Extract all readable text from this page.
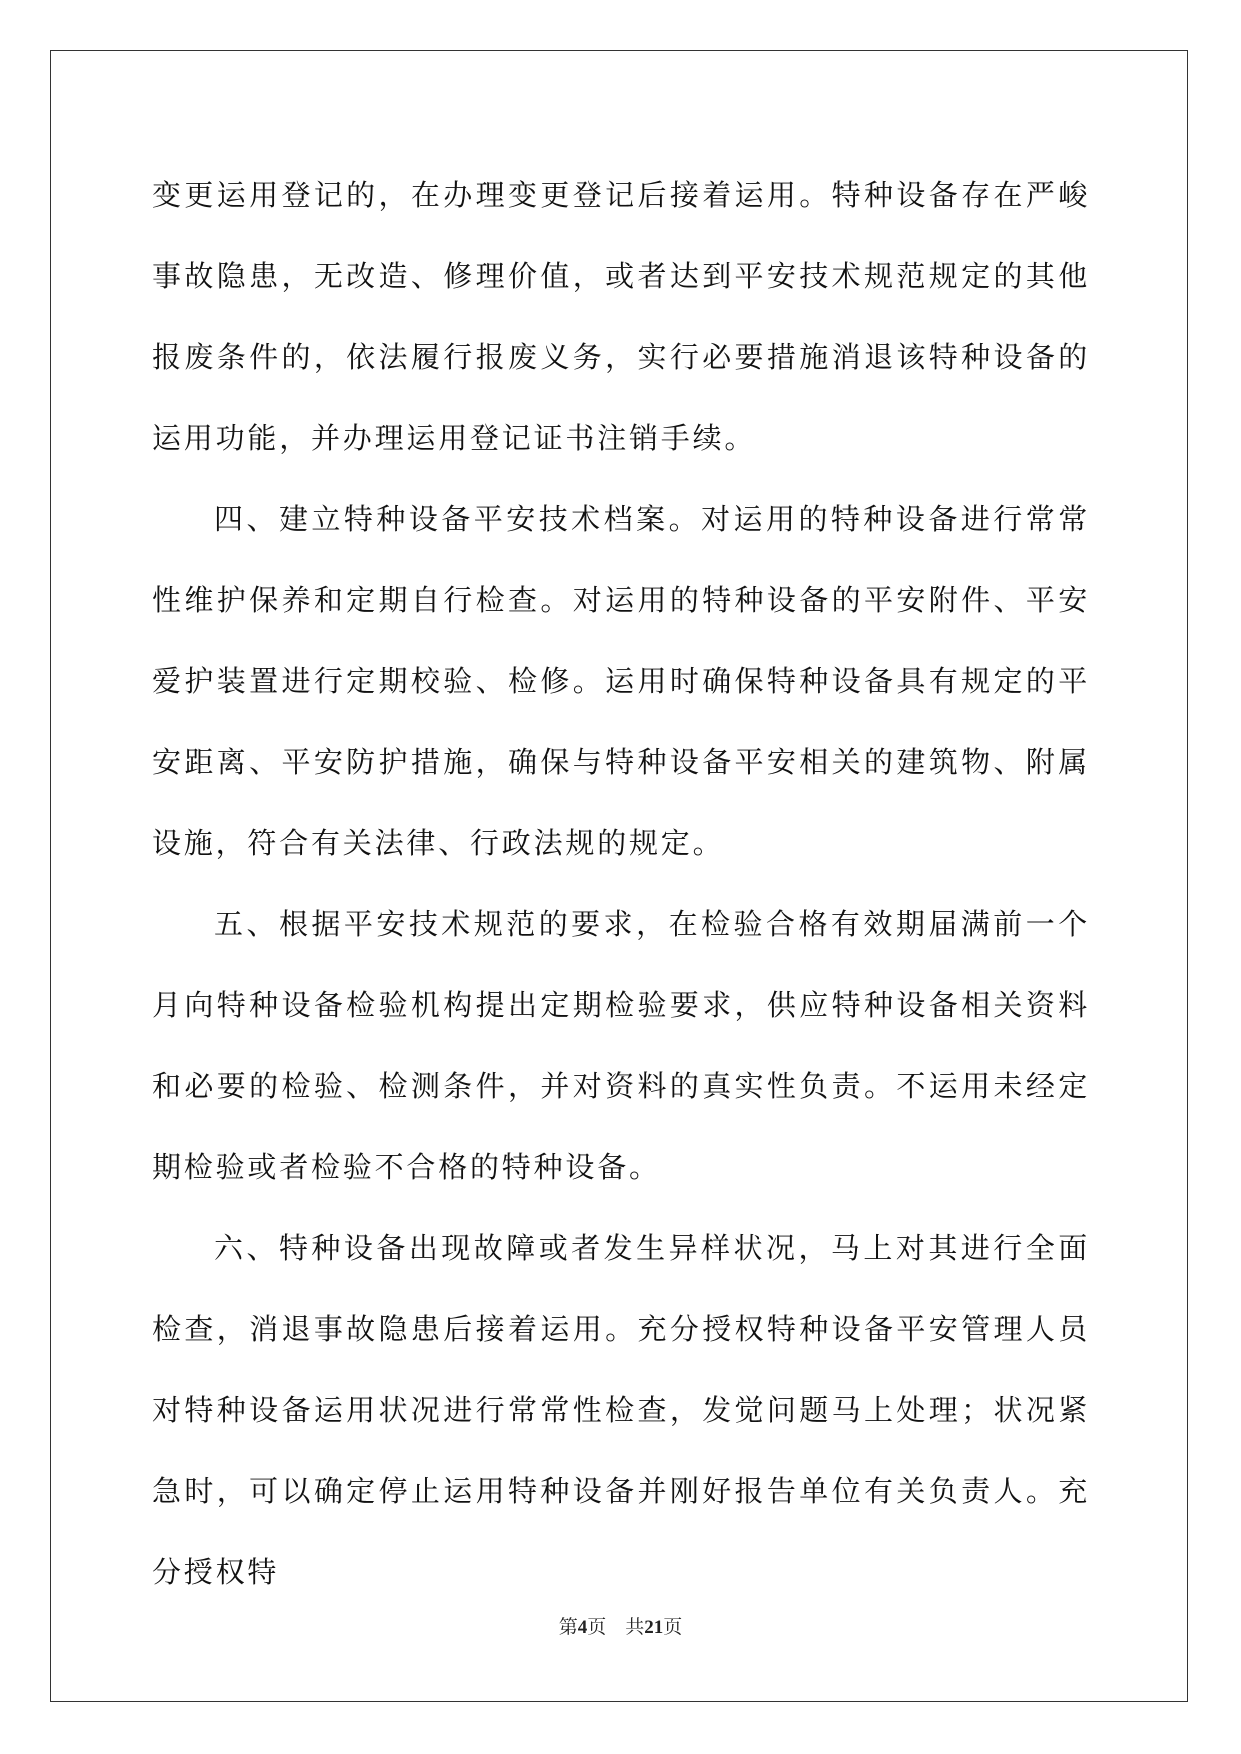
变更运用登记的，在办理变更登记后接着运用。特种设备存在严峻事故隐患，无改造、修理价值，或者达到平安技术规范规定的其他报废条件的，依法履行报废义务，实行必要措施消退该特种设备的运用功能，并办理运用登记证书注销手续。

四、建立特种设备平安技术档案。对运用的特种设备进行常常性维护保养和定期自行检查。对运用的特种设备的平安附件、平安爱护装置进行定期校验、检修。运用时确保特种设备具有规定的平安距离、平安防护措施，确保与特种设备平安相关的建筑物、附属设施，符合有关法律、行政法规的规定。

五、根据平安技术规范的要求，在检验合格有效期届满前一个月向特种设备检验机构提出定期检验要求，供应特种设备相关资料和必要的检验、检测条件，并对资料的真实性负责。不运用未经定期检验或者检验不合格的特种设备。

六、特种设备出现故障或者发生异样状况，马上对其进行全面检查，消退事故隐患后接着运用。充分授权特种设备平安管理人员对特种设备运用状况进行常常性检查，发觉问题马上处理；状况紧急时，可以确定停止运用特种设备并刚好报告单位有关负责人。充分授权特

第4页 共21页
